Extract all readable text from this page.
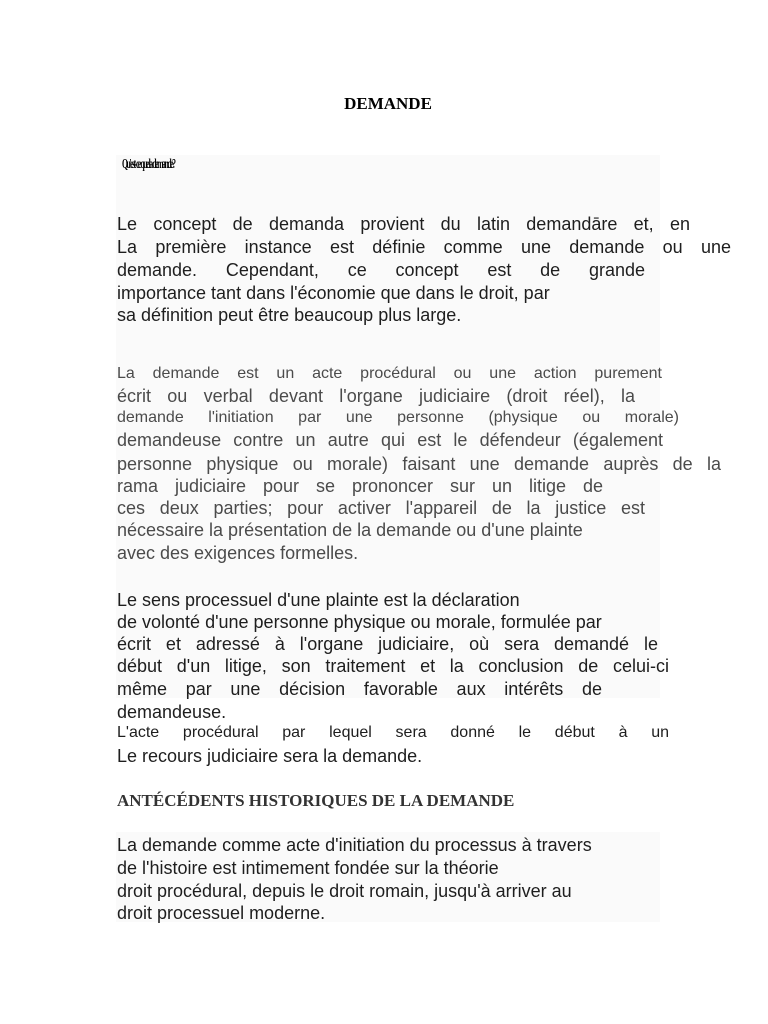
DEMANDE
Qu'est-ce que la demande?
Le concept de demanda provient du latin demandāre et, en
La première instance est définie comme une demande ou une
demande. Cependant, ce concept est de grande
importance tant dans l'économie que dans le droit, par
sa définition peut être beaucoup plus large.
La demande est un acte procédural ou une action purement
écrit ou verbal devant l'organe judiciaire (droit réel), la
demande l'initiation par une personne (physique ou morale)
demandeuse contre un autre qui est le défendeur (également
personne physique ou morale) faisant une demande auprès de la
rama judiciaire pour se prononcer sur un litige de
ces deux parties; pour activer l'appareil de la justice est
nécessaire la présentation de la demande ou d'une plainte
avec des exigences formelles.
Le sens processuel d'une plainte est la déclaration
de volonté d'une personne physique ou morale, formulée par
écrit et adressé à l'organe judiciaire, où sera demandé le
début d'un litige, son traitement et la conclusion de celui-ci
même par une décision favorable aux intérêts de
demandeuse.
L'acte procédural par lequel sera donné le début à un
Le recours judiciaire sera la demande.
ANTÉCÉDENTS HISTORIQUES DE LA DEMANDE
La demande comme acte d'initiation du processus à travers
de l'histoire est intimement fondée sur la théorie
droit procédural, depuis le droit romain, jusqu'à arriver au
droit processuel moderne.
